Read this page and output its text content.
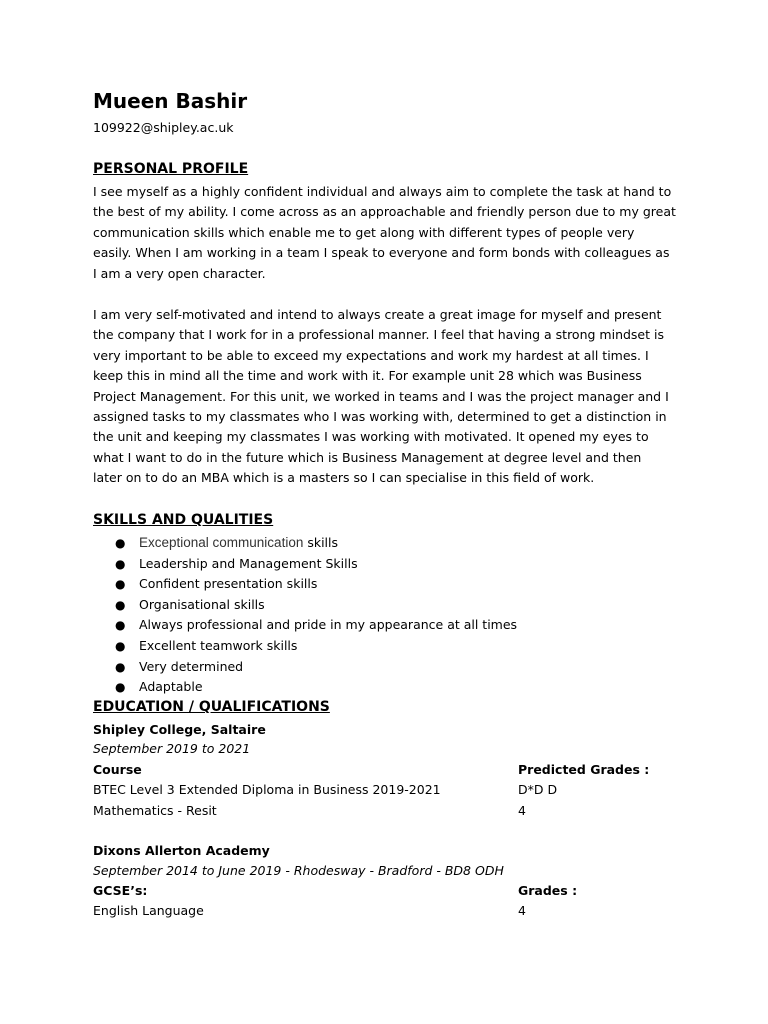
Mueen Bashir
109922@shipley.ac.uk
PERSONAL PROFILE
I see myself as a highly confident individual and always aim to complete the task at hand to
the best of my ability. I come across as an approachable and friendly person due to my great
communication skills which enable me to get along with different types of people very
easily. When I am working in a team I speak to everyone and form bonds with colleagues as
I am a very open character.
I am very self-motivated and intend to always create a great image for myself and present
the company that I work for in a professional manner. I feel that having a strong mindset is
very important to be able to exceed my expectations and work my hardest at all times. I
keep this in mind all the time and work with it. For example unit 28 which was Business
Project Management. For this unit, we worked in teams and I was the project manager and I
assigned tasks to my classmates who I was working with, determined to get a distinction in
the unit and keeping my classmates I was working with motivated. It opened my eyes to
what I want to do in the future which is Business Management at degree level and then
later on to do an MBA which is a masters so I can specialise in this field of work.
SKILLS AND QUALITIES
● Exceptional communication skills
● Leadership and Management Skills
● Confident presentation skills
● Organisational skills
● Always professional and pride in my appearance at all times
● Excellent teamwork skills
● Very determined
● Adaptable
EDUCATION / QUALIFICATIONS
Shipley College, Saltaire
September 2019 to 2021
Course	Predicted Grades :
BTEC Level 3 Extended Diploma in Business 2019-2021	D*D D
Mathematics - Resit	4
Dixons Allerton Academy
September 2014 to June 2019 - Rhodesway - Bradford - BD8 ODH
GCSE’s:	Grades :
English Language	4
